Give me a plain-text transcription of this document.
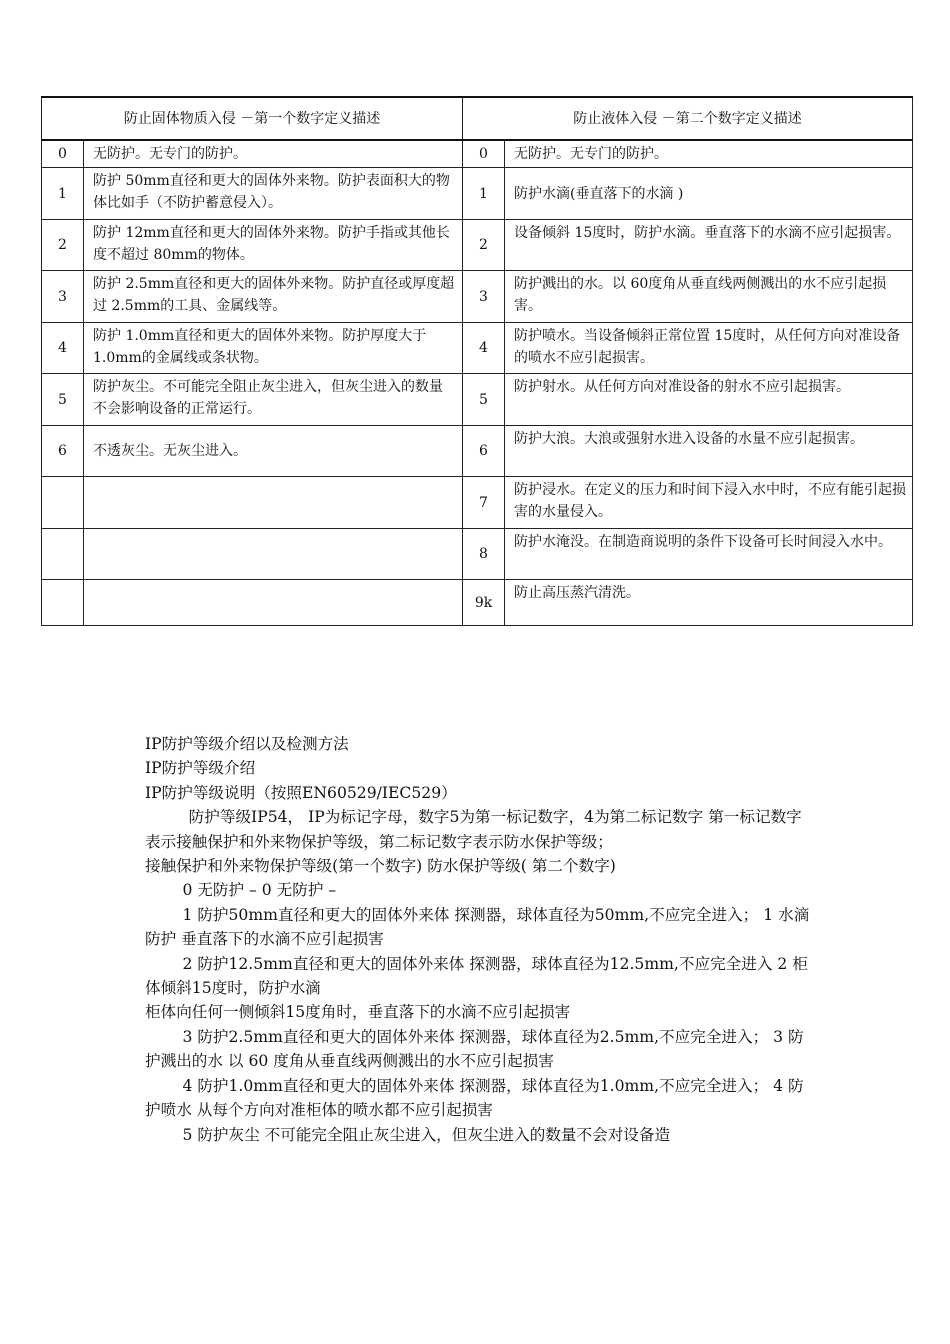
防止固体物质入侵 －第一个数字定义描述		防止液体入侵 －第二个数字定义描述	
0	无防护。无专门的防护。	0	无防护。无专门的防护。
1	防护 50mm直径和更大的固体外来物。防护表面积大的物体比如手（不防护蓄意侵入）。	1	防护水滴(垂直落下的水滴 )
2	防护 12mm直径和更大的固体外来物。防护手指或其他长度不超过 80mm的物体。	2	设备倾斜 15度时，防护水滴。垂直落下的水滴不应引起损害。
3	防护 2.5mm直径和更大的固体外来物。防护直径或厚度超过 2.5mm的工具、金属线等。	3	防护溅出的水。以 60度角从垂直线两侧溅出的水不应引起损害。
4	防护 1.0mm直径和更大的固体外来物。防护厚度大于 1.0mm的金属线或条状物。	4	防护喷水。当设备倾斜正常位置 15度时，从任何方向对准设备的喷水不应引起损害。
5	防护灰尘。不可能完全阻止灰尘进入，但灰尘进入的数量不会影响设备的正常运行。	5	防护射水。从任何方向对准设备的射水不应引起损害。
6	不透灰尘。无灰尘进入。	6	防护大浪。大浪或强射水进入设备的水量不应引起损害。
		7	防护浸水。在定义的压力和时间下浸入水中时，不应有能引起损害的水量侵入。
		8	防护水淹没。在制造商说明的条件下设备可长时间浸入水中。
		9k	防止高压蒸汽清洗。

IP防护等级介绍以及检测方法

IP防护等级介绍

IP防护等级说明（按照EN60529/IEC529）

防护等级IP54， IP为标记字母，数字5为第一标记数字，4为第二标记数字 第一标记数字表示接触保护和外来物保护等级，第二标记数字表示防水保护等级；

接触保护和外来物保护等级(第一个数字) 防水保护等级( 第二个数字)

0 无防护 – 0 无防护 –

1 防护50mm直径和更大的固体外来体 探测器，球体直径为50mm,不应完全进入； 1 水滴防护 垂直落下的水滴不应引起损害

2 防护12.5mm直径和更大的固体外来体 探测器，球体直径为12.5mm,不应完全进入 2 柜体倾斜15度时，防护水滴

柜体向任何一侧倾斜15度角时，垂直落下的水滴不应引起损害

3 防护2.5mm直径和更大的固体外来体 探测器，球体直径为2.5mm,不应完全进入； 3 防护溅出的水 以 60 度角从垂直线两侧溅出的水不应引起损害

4 防护1.0mm直径和更大的固体外来体 探测器，球体直径为1.0mm,不应完全进入； 4 防护喷水 从每个方向对准柜体的喷水都不应引起损害

5 防护灰尘 不可能完全阻止灰尘进入，但灰尘进入的数量不会对设备造
